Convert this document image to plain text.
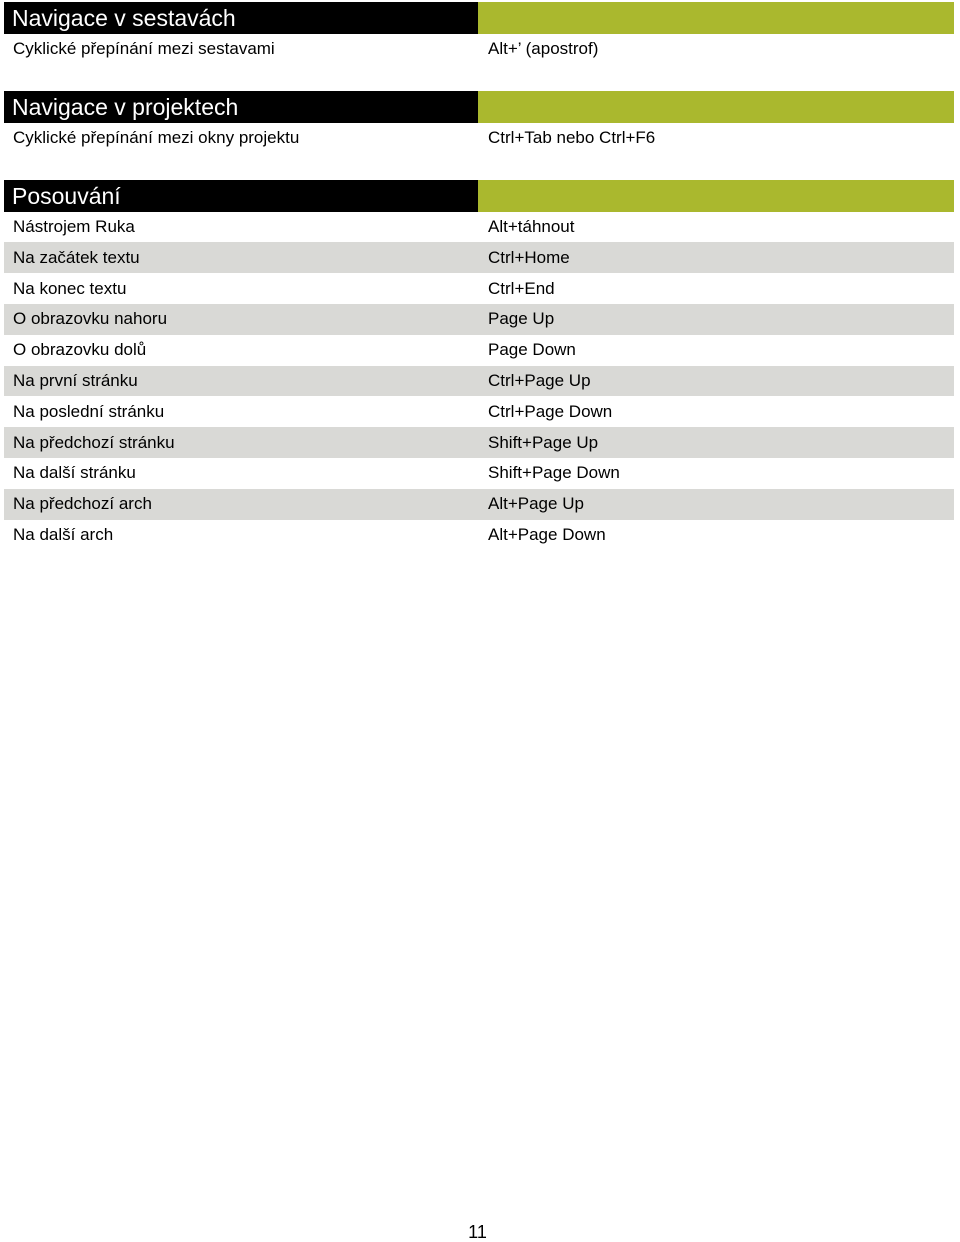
Navigace v sestavách
Cyklické přepínání mezi sestavami	Alt+’ (apostrof)
Navigace v projektech
Cyklické přepínání mezi okny projektu	Ctrl+Tab nebo Ctrl+F6
Posouvání
Nástrojem Ruka	Alt+táhnout
Na začátek textu	Ctrl+Home
Na konec textu	Ctrl+End
O obrazovku nahoru	Page Up
O obrazovku dolů	Page Down
Na první stránku	Ctrl+Page Up
Na poslední stránku	Ctrl+Page Down
Na předchozí stránku	Shift+Page Up
Na další stránku	Shift+Page Down
Na předchozí arch	Alt+Page Up
Na další arch	Alt+Page Down
11
